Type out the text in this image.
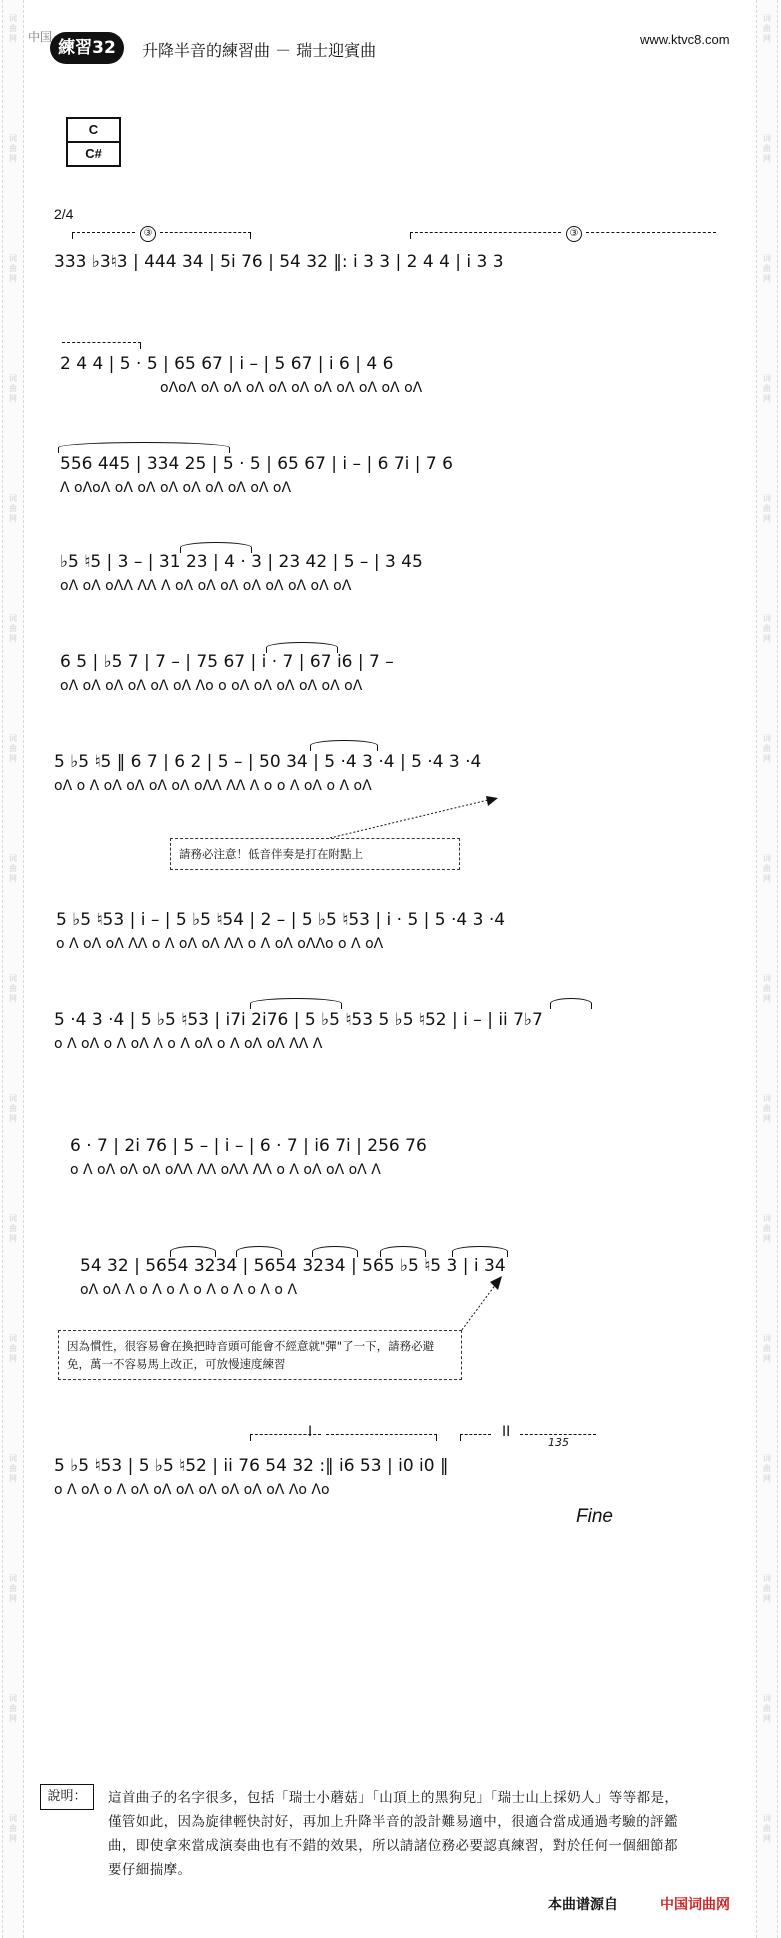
词
曲
网
词
曲
网
词
曲
网
词
曲
网
词
曲
网
词
曲
网
词
曲
网
词
曲
网
词
曲
网
词
曲
网
词
曲
网
词
曲
网
词
曲
网
词
曲
网
词
曲
网
词
曲
网
词
曲
网
词
曲
网
词
曲
网
词
曲
网
词
曲
网
词
曲
网
词
曲
网
词
曲
网
词
曲
网
词
曲
网
词
曲
网
词
曲
网
词
曲
网
词
曲
网
词
曲
网
词
曲
网
中国
練習32	升降半音的練習曲 － 瑞士迎賓曲
www.ktvc8.com
C
C#
2/4
③	③
333 ♭3♮3 | 444 34 | 5i 76 | 54 32 ‖: i 3 3 | 2 4 4 | i 3 3
2 4 4 | 5 · 5 | 65 67 | i – | 5 67 | i 6 | 4 6
oΛoΛ oΛ oΛ oΛ oΛ oΛ oΛ oΛ oΛ oΛ oΛ
556 445 | 334 25 | 5 · 5 | 65 67 | i – | 6 7i | 7 6
Λ oΛoΛ oΛ oΛ oΛ oΛ oΛ oΛ oΛ oΛ
♭5 ♮5 | 3 – | 31 23 | 4 · 3 | 23 42 | 5 – | 3 45
oΛ oΛ oΛΛ ΛΛ Λ oΛ oΛ oΛ oΛ oΛ oΛ oΛ oΛ
6 5 | ♭5 7 | 7 – | 75 67 | i · 7 | 67 i6 | 7 –
oΛ oΛ oΛ oΛ oΛ oΛ Λo o oΛ oΛ oΛ oΛ oΛ oΛ
5 ♭5 ♮5 ‖ 6 7 | 6 2 | 5 – | 50 34 | 5 ·4 3 ·4 | 5 ·4 3 ·4
oΛ o Λ oΛ oΛ oΛ oΛ oΛΛ ΛΛ Λ o o Λ oΛ o Λ oΛ
請務必注意！低音伴奏是打在附點上
5 ♭5 ♮53 | i – | 5 ♭5 ♮54 | 2 – | 5 ♭5 ♮53 | i · 5 | 5 ·4 3 ·4
o Λ oΛ oΛ ΛΛ o Λ oΛ oΛ ΛΛ o Λ oΛ oΛΛo o Λ oΛ
5 ·4 3 ·4 | 5 ♭5 ♮53 | i7i 2i76 | 5 ♭5 ♮53 5 ♭5 ♮52 | i – | ii 7♭7
o Λ oΛ o Λ oΛ Λ o Λ oΛ o Λ oΛ oΛ ΛΛ Λ
6 · 7 | 2i 76 | 5 – | i – | 6 · 7 | i6 7i | 256 76
o Λ oΛ oΛ oΛ oΛΛ ΛΛ oΛΛ ΛΛ o Λ oΛ oΛ oΛ Λ
54 32 | 5654 3234 | 5654 3234 | 565 ♭5 ♮5 3 | i 34
oΛ oΛ Λ o Λ o Λ o Λ o Λ o Λ o Λ
因為慣性，很容易會在換把時音頭可能會不經意就"彈"了一下，請務必避免，萬一不容易馬上改正，可放慢速度練習
I	II
135
5 ♭5 ♮53 | 5 ♭5 ♮52 | ii 76 54 32 :‖ i6 53 | i0 i0 ‖
o Λ oΛ o Λ oΛ oΛ oΛ oΛ oΛ oΛ oΛ Λo Λo
Fine
說明：	這首曲子的名字很多，包括「瑞士小蘑菇」「山頂上的黑狗兒」「瑞士山上採奶人」等等都是，僅管如此，因為旋律輕快討好，再加上升降半音的設計難易適中，很適合當成通過考驗的評鑑曲，即使拿來當成演奏曲也有不錯的效果，所以請諸位務必要認真練習，對於任何一個細節都要仔細揣摩。
本曲谱源自	中国词曲网
